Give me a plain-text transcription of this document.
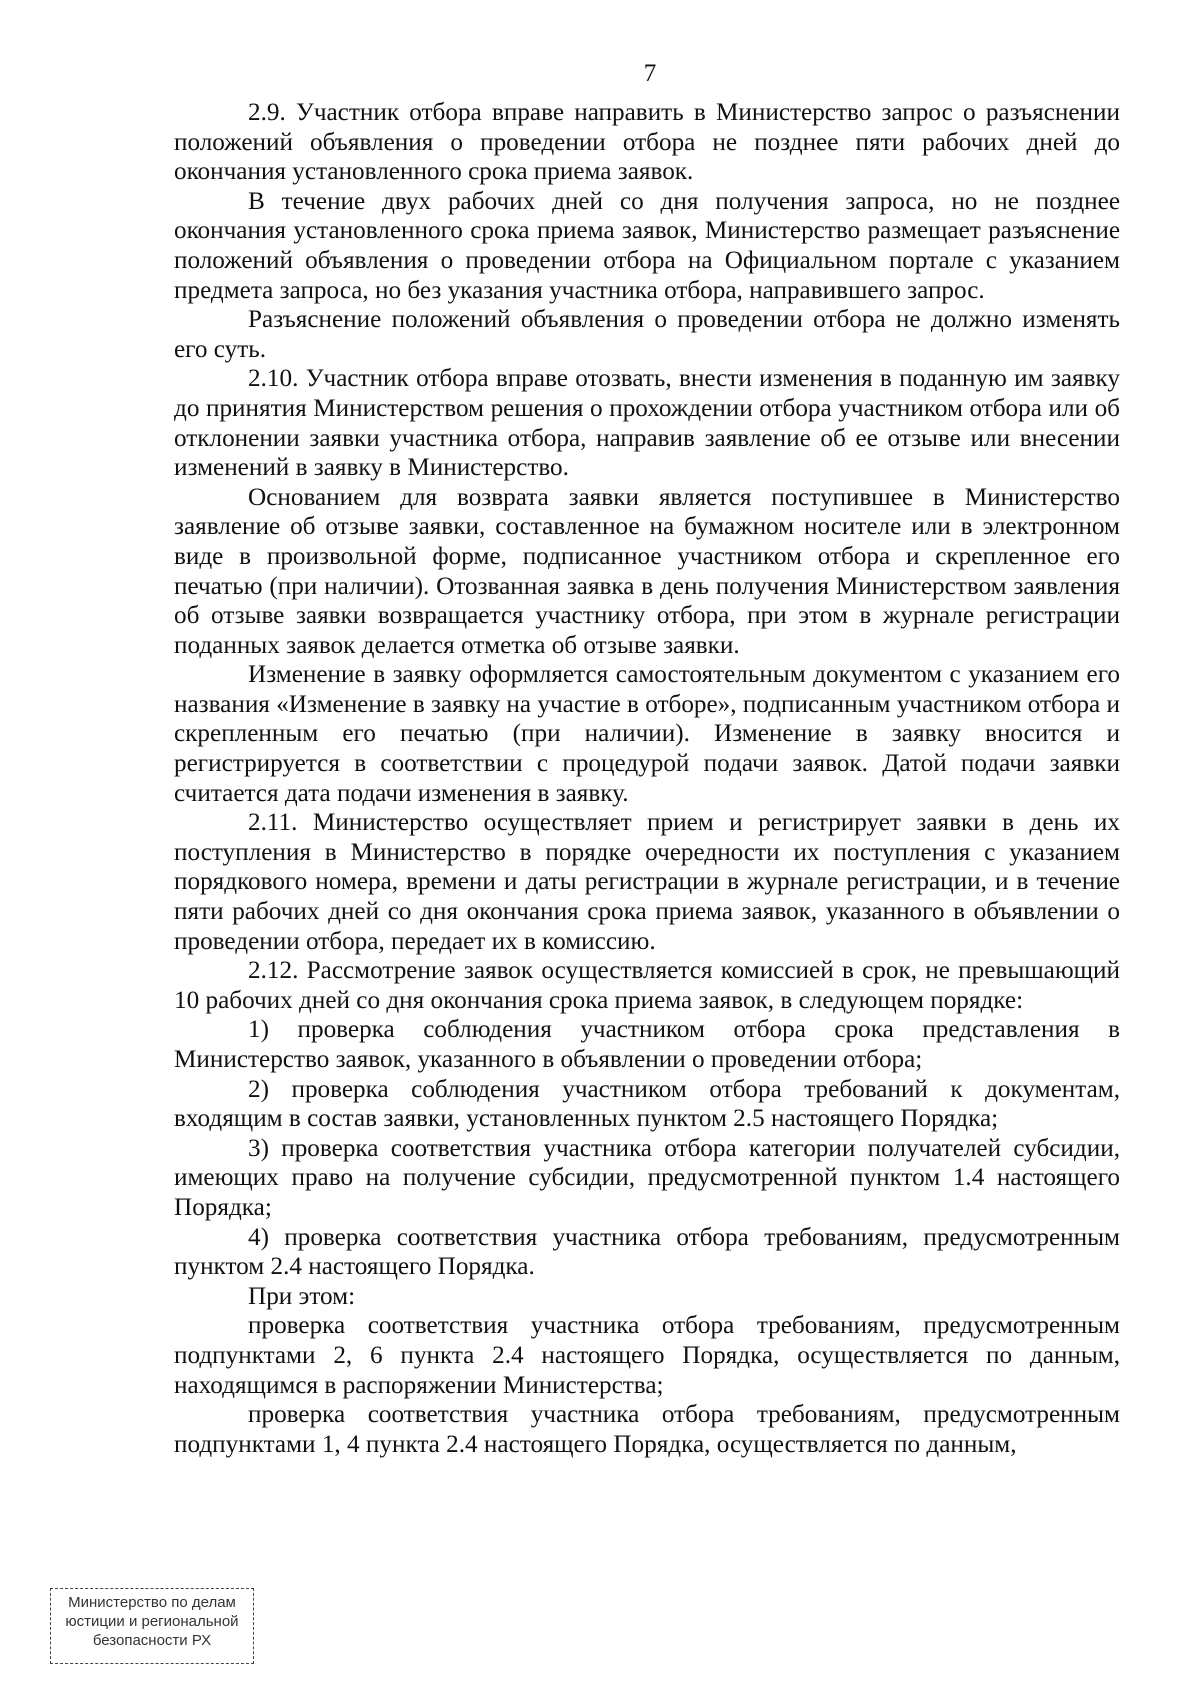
7

2.9. Участник отбора вправе направить в Министерство запрос о разъяснении положений объявления о проведении отбора не позднее пяти рабочих дней до окончания установленного срока приема заявок.

В течение двух рабочих дней со дня получения запроса, но не позднее окончания установленного срока приема заявок, Министерство размещает разъяснение положений объявления о проведении отбора на Официальном портале с указанием предмета запроса, но без указания участника отбора, направившего запрос.

Разъяснение положений объявления о проведении отбора не должно изменять его суть.

2.10. Участник отбора вправе отозвать, внести изменения в поданную им заявку до принятия Министерством решения о прохождении отбора участником отбора или об отклонении заявки участника отбора, направив заявление об ее отзыве или внесении изменений в заявку в Министерство.

Основанием для возврата заявки является поступившее в Министерство заявление об отзыве заявки, составленное на бумажном носителе или в электронном виде в произвольной форме, подписанное участником отбора и скрепленное его печатью (при наличии). Отозванная заявка в день получения Министерством заявления об отзыве заявки возвращается участнику отбора, при этом в журнале регистрации поданных заявок делается отметка об отзыве заявки.

Изменение в заявку оформляется самостоятельным документом с указанием его названия «Изменение в заявку на участие в отборе», подписанным участником отбора и скрепленным его печатью (при наличии). Изменение в заявку вносится и регистрируется в соответствии с процедурой подачи заявок. Датой подачи заявки считается дата подачи изменения в заявку.

2.11. Министерство осуществляет прием и регистрирует заявки в день их поступления в Министерство в порядке очередности их поступления с указанием порядкового номера, времени и даты регистрации в журнале регистрации, и в течение пяти рабочих дней со дня окончания срока приема заявок, указанного в объявлении о проведении отбора, передает их в комиссию.

2.12. Рассмотрение заявок осуществляется комиссией в срок, не превышающий 10 рабочих дней со дня окончания срока приема заявок, в следующем порядке:

1) проверка соблюдения участником отбора срока представления в Министерство заявок, указанного в объявлении о проведении отбора;

2) проверка соблюдения участником отбора требований к документам, входящим в состав заявки, установленных пунктом 2.5 настоящего Порядка;

3) проверка соответствия участника отбора категории получателей субсидии, имеющих право на получение субсидии, предусмотренной пунктом 1.4 настоящего Порядка;

4) проверка соответствия участника отбора требованиям, предусмотренным пунктом 2.4 настоящего Порядка.

При этом:

проверка соответствия участника отбора требованиям, предусмотренным подпунктами 2, 6 пункта 2.4 настоящего Порядка, осуществляется по данным, находящимся в распоряжении Министерства;

проверка соответствия участника отбора требованиям, предусмотренным подпунктами 1, 4 пункта 2.4 настоящего Порядка, осуществляется по данным,

Министерство по делам
юстиции и региональной
безопасности РХ
